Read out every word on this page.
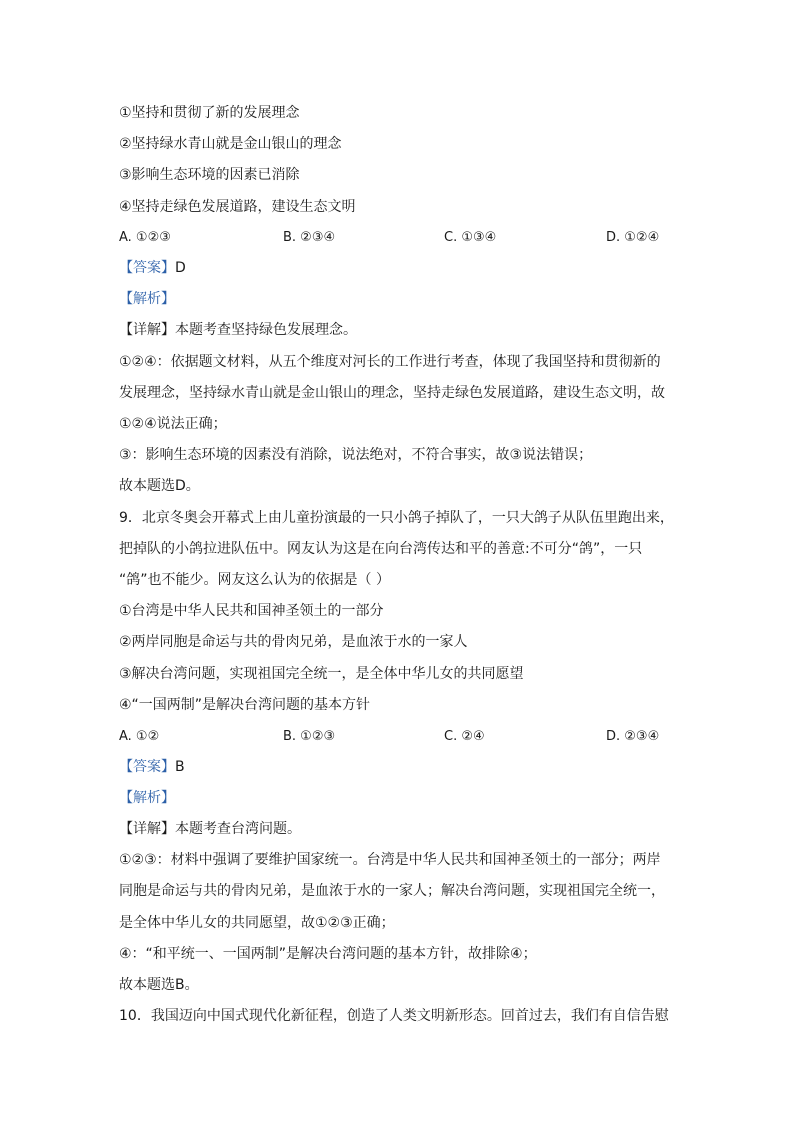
①坚持和贯彻了新的发展理念
②坚持绿水青山就是金山银山的理念
③影响生态环境的因素已消除
④坚持走绿色发展道路，建设生态文明
A. ①②③	B. ②③④	C. ①③④	D. ①②④
【答案】D
【解析】
【详解】本题考查坚持绿色发展理念。
①②④：依据题文材料，从五个维度对河长的工作进行考查，体现了我国坚持和贯彻新的
发展理念，坚持绿水青山就是金山银山的理念，坚持走绿色发展道路，建设生态文明，故
①②④说法正确；
③：影响生态环境的因素没有消除，说法绝对，不符合事实，故③说法错误；
故本题选D。
9．北京冬奥会开幕式上由儿童扮演最的一只小鸽子掉队了，一只大鸽子从队伍里跑出来，
把掉队的小鸽拉进队伍中。网友认为这是在向台湾传达和平的善意:不可分“鸽”，一只
“鸽”也不能少。网友这么认为的依据是（ ）
①台湾是中华人民共和国神圣领土的一部分
②两岸同胞是命运与共的骨肉兄弟，是血浓于水的一家人
③解决台湾问题，实现祖国完全统一，是全体中华儿女的共同愿望
④“一国两制”是解决台湾问题的基本方针
A. ①②	B. ①②③	C. ②④	D. ②③④
【答案】B
【解析】
【详解】本题考查台湾问题。
①②③：材料中强调了要维护国家统一。台湾是中华人民共和国神圣领土的一部分；两岸
同胞是命运与共的骨肉兄弟，是血浓于水的一家人；解决台湾问题，实现祖国完全统一，
是全体中华儿女的共同愿望，故①②③正确；
④：“和平统一、一国两制”是解决台湾问题的基本方针，故排除④；
故本题选B。
10．我国迈向中国式现代化新征程，创造了人类文明新形态。回首过去，我们有自信告慰
